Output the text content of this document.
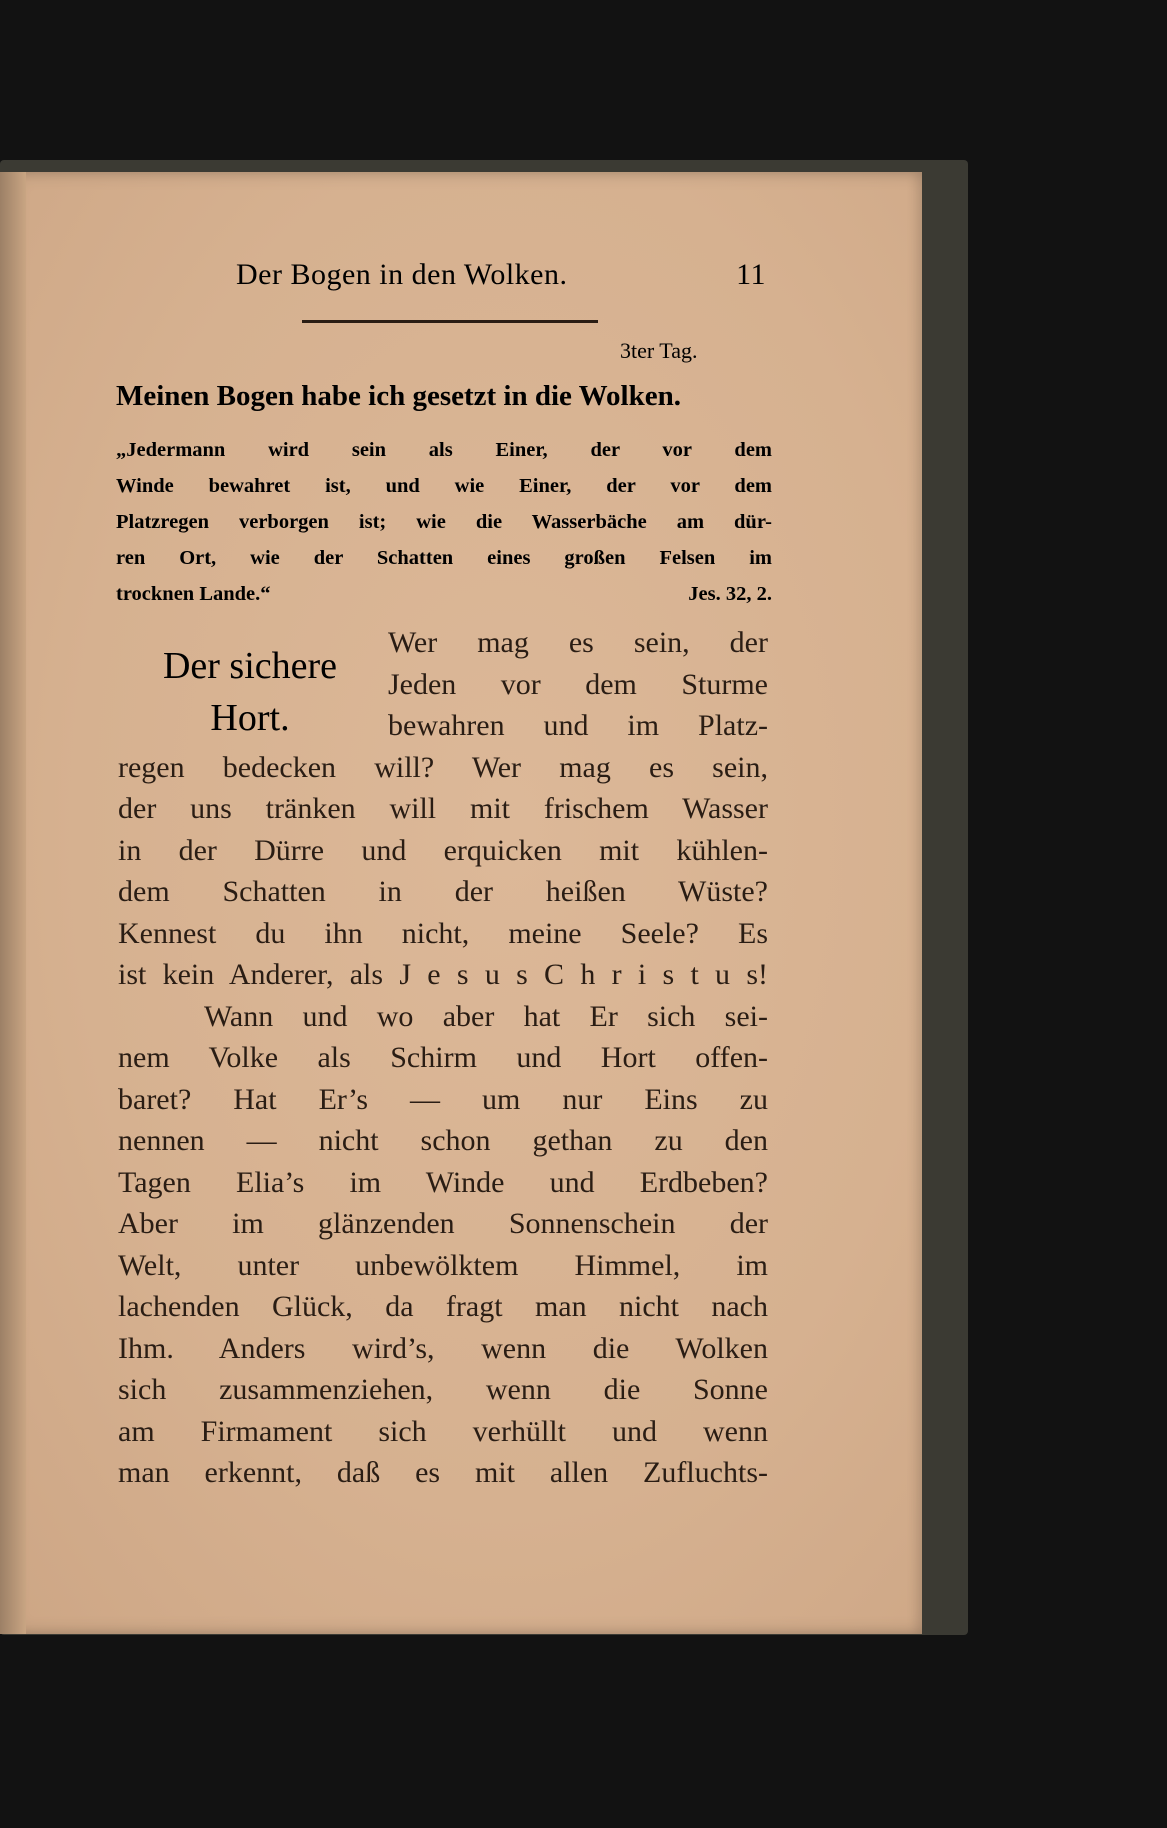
Der Bogen in den Wolken.	11
3ter Tag.
Meinen Bogen habe ich gesetzt in die Wolken.
„Jedermann wird sein als Einer, der vor dem
Winde bewahret ist, und wie Einer, der vor dem
Platzregen verborgen ist; wie die Wasserbäche am dür-
ren Ort, wie der Schatten eines großen Felsen im
trocknen Lande.“	Jes. 32, 2.
Der sichere
Hort.
Wer mag es sein, der
Jeden vor dem Sturme
bewahren und im Platz-
regen bedecken will? Wer mag es sein,
der uns tränken will mit frischem Wasser
in der Dürre und erquicken mit kühlen-
dem Schatten in der heißen Wüste?
Kennest du ihn nicht, meine Seele? Es
ist kein Anderer, als J e s u s C h r i s t u s!
Wann und wo aber hat Er sich sei-
nem Volke als Schirm und Hort offen-
baret? Hat Er’s — um nur Eins zu
nennen — nicht schon gethan zu den
Tagen Elia’s im Winde und Erdbeben?
Aber im glänzenden Sonnenschein der
Welt, unter unbewölktem Himmel, im
lachenden Glück, da fragt man nicht nach
Ihm. Anders wird’s, wenn die Wolken
sich zusammenziehen, wenn die Sonne
am Firmament sich verhüllt und wenn
man erkennt, daß es mit allen Zufluchts-
